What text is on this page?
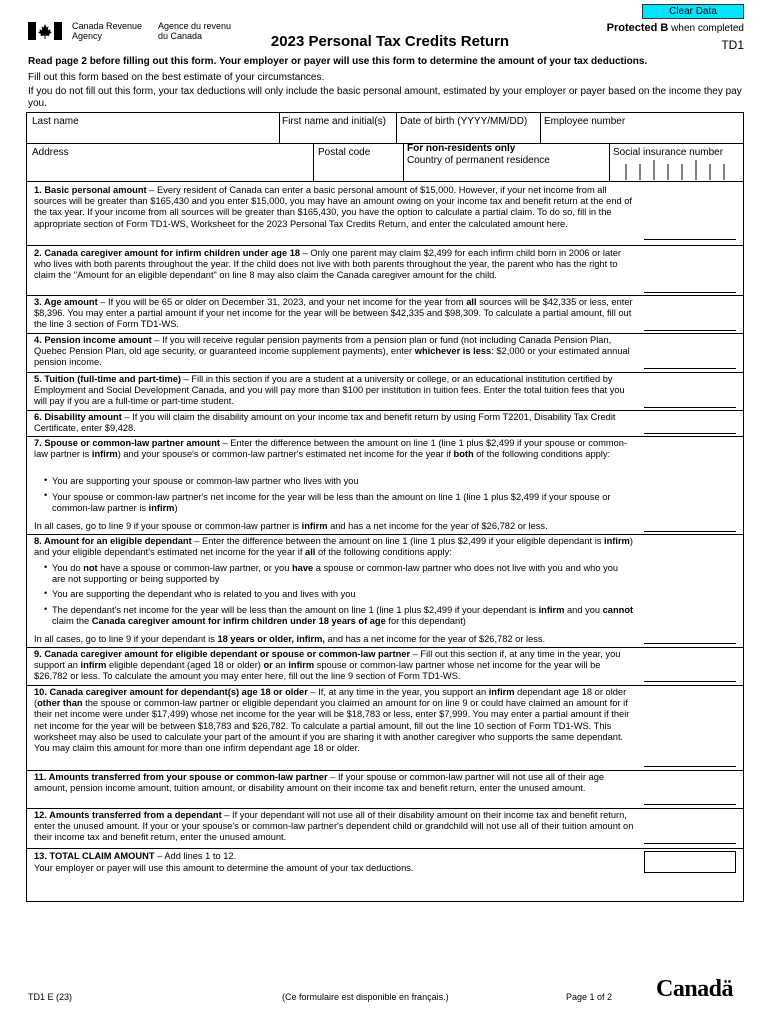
Clear Data
Canada Revenue
Agency
Agence du revenu
du Canada
Protected B when completed
2023 Personal Tax Credits Return	TD1
Read page 2 before filling out this form. Your employer or payer will use this form to determine the amount of your tax deductions.
Fill out this form based on the best estimate of your circumstances.
If you do not fill out this form, your tax deductions will only include the basic personal amount, estimated by your employer or payer based on the income they pay you.
Last name	First name and initial(s) Date of birth (YYYY/MM/DD) Employee number
Address	Postal code	For non-residents only
Country of permanent residence
Social insurance number
1. Basic personal amount – Every resident of Canada can enter a basic personal amount of $15,000. However, if your net income from all sources will be greater than $165,430 and you enter $15,000, you may have an amount owing on your income tax and benefit return at the end of the tax year. If your income from all sources will be greater than $165,430, you have the option to calculate a partial claim. To do so, fill in the appropriate section of Form TD1-WS, Worksheet for the 2023 Personal Tax Credits Return, and enter the calculated amount here.
2. Canada caregiver amount for infirm children under age 18 – Only one parent may claim $2,499 for each infirm child born in 2006 or later who lives with both parents throughout the year. If the child does not live with both parents throughout the year, the parent who has the right to claim the "Amount for an eligible dependant" on line 8 may also claim the Canada caregiver amount for the child.
3. Age amount – If you will be 65 or older on December 31, 2023, and your net income for the year from all sources will be $42,335 or less, enter $8,396. You may enter a partial amount if your net income for the year will be between $42,335 and $98,309. To calculate a partial amount, fill out the line 3 section of Form TD1-WS.
4. Pension income amount – If you will receive regular pension payments from a pension plan or fund (not including Canada Pension Plan, Quebec Pension Plan, old age security, or guaranteed income supplement payments), enter whichever is less: $2,000 or your estimated annual pension income.
5. Tuition (full-time and part-time) – Fill in this section if you are a student at a university or college, or an educational institution certified by Employment and Social Development Canada, and you will pay more than $100 per institution in tuition fees. Enter the total tuition fees that you will pay if you are a full-time or part-time student.
6. Disability amount – If you will claim the disability amount on your income tax and benefit return by using Form T2201, Disability Tax Credit Certificate, enter $9,428.
7. Spouse or common-law partner amount – Enter the difference between the amount on line 1 (line 1 plus $2,499 if your spouse or common-law partner is infirm) and your spouse's or common-law partner's estimated net income for the year if both of the following conditions apply:
• You are supporting your spouse or common-law partner who lives with you
• Your spouse or common-law partner's net income for the year will be less than the amount on line 1 (line 1 plus $2,499 if your spouse or common-law partner is infirm)
In all cases, go to line 9 if your spouse or common-law partner is infirm and has a net income for the year of $26,782 or less.
8. Amount for an eligible dependant – Enter the difference between the amount on line 1 (line 1 plus $2,499 if your eligible dependant is infirm) and your eligible dependant's estimated net income for the year if all of the following conditions apply:
• You do not have a spouse or common-law partner, or you have a spouse or common-law partner who does not live with you and who you are not supporting or being supported by
• You are supporting the dependant who is related to you and lives with you
• The dependant's net income for the year will be less than the amount on line 1 (line 1 plus $2,499 if your dependant is infirm and you cannot claim the Canada caregiver amount for infirm children under 18 years of age for this dependant)
In all cases, go to line 9 if your dependant is 18 years or older, infirm, and has a net income for the year of $26,782 or less.
9. Canada caregiver amount for eligible dependant or spouse or common-law partner – Fill out this section if, at any time in the year, you support an infirm eligible dependant (aged 18 or older) or an infirm spouse or common-law partner whose net income for the year will be $26,782 or less. To calculate the amount you may enter here, fill out the line 9 section of Form TD1-WS.
10. Canada caregiver amount for dependant(s) age 18 or older – If, at any time in the year, you support an infirm dependant age 18 or older (other than the spouse or common-law partner or eligible dependant you claimed an amount for on line 9 or could have claimed an amount for if their net income were under $17,499) whose net income for the year will be $18,783 or less, enter $7,999. You may enter a partial amount if their net income for the year will be between $18,783 and $26,782. To calculate a partial amount, fill out the line 10 section of Form TD1-WS. This worksheet may also be used to calculate your part of the amount if you are sharing it with another caregiver who supports the same dependant. You may claim this amount for more than one infirm dependant age 18 or older.
11. Amounts transferred from your spouse or common-law partner – If your spouse or common-law partner will not use all of their age amount, pension income amount, tuition amount, or disability amount on their income tax and benefit return, enter the unused amount.
12. Amounts transferred from a dependant – If your dependant will not use all of their disability amount on their income tax and benefit return, enter the unused amount. If your or your spouse's or common-law partner's dependent child or grandchild will not use all of their tuition amount on their income tax and benefit return, enter the unused amount.
13. TOTAL CLAIM AMOUNT – Add lines 1 to 12.
Your employer or payer will use this amount to determine the amount of your tax deductions.
TD1 E (23)	(Ce formulaire est disponible en français.)	Page 1 of 2 Canadä
